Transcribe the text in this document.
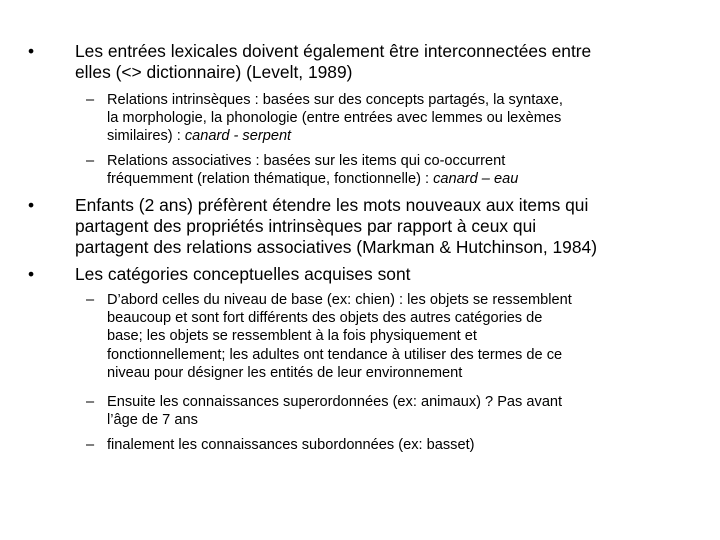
•	Les entrées lexicales doivent également être interconnectées entre
elles (<> dictionnaire) (Levelt, 1989)
– Relations intrinsèques : basées sur des concepts partagés, la syntaxe,
la morphologie, la phonologie (entre entrées avec lemmes ou lexèmes
similaires) : canard - serpent
– Relations associatives : basées sur les items qui co-occurrent
fréquemment (relation thématique, fonctionnelle) : canard – eau
•	Enfants (2 ans) préfèrent étendre les mots nouveaux aux items qui
partagent des propriétés intrinsèques par rapport à ceux qui
partagent des relations associatives (Markman & Hutchinson, 1984)
•	Les catégories conceptuelles acquises sont
– D’abord celles du niveau de base (ex: chien) : les objets se ressemblent
beaucoup et sont fort différents des objets des autres catégories de
base; les objets se ressemblent à la fois physiquement et
fonctionnellement; les adultes ont tendance à utiliser des termes de ce
niveau pour désigner les entités de leur environnement
– Ensuite les connaissances superordonnées (ex: animaux) ? Pas avant
l’âge de 7 ans
– finalement les connaissances subordonnées (ex: basset)
